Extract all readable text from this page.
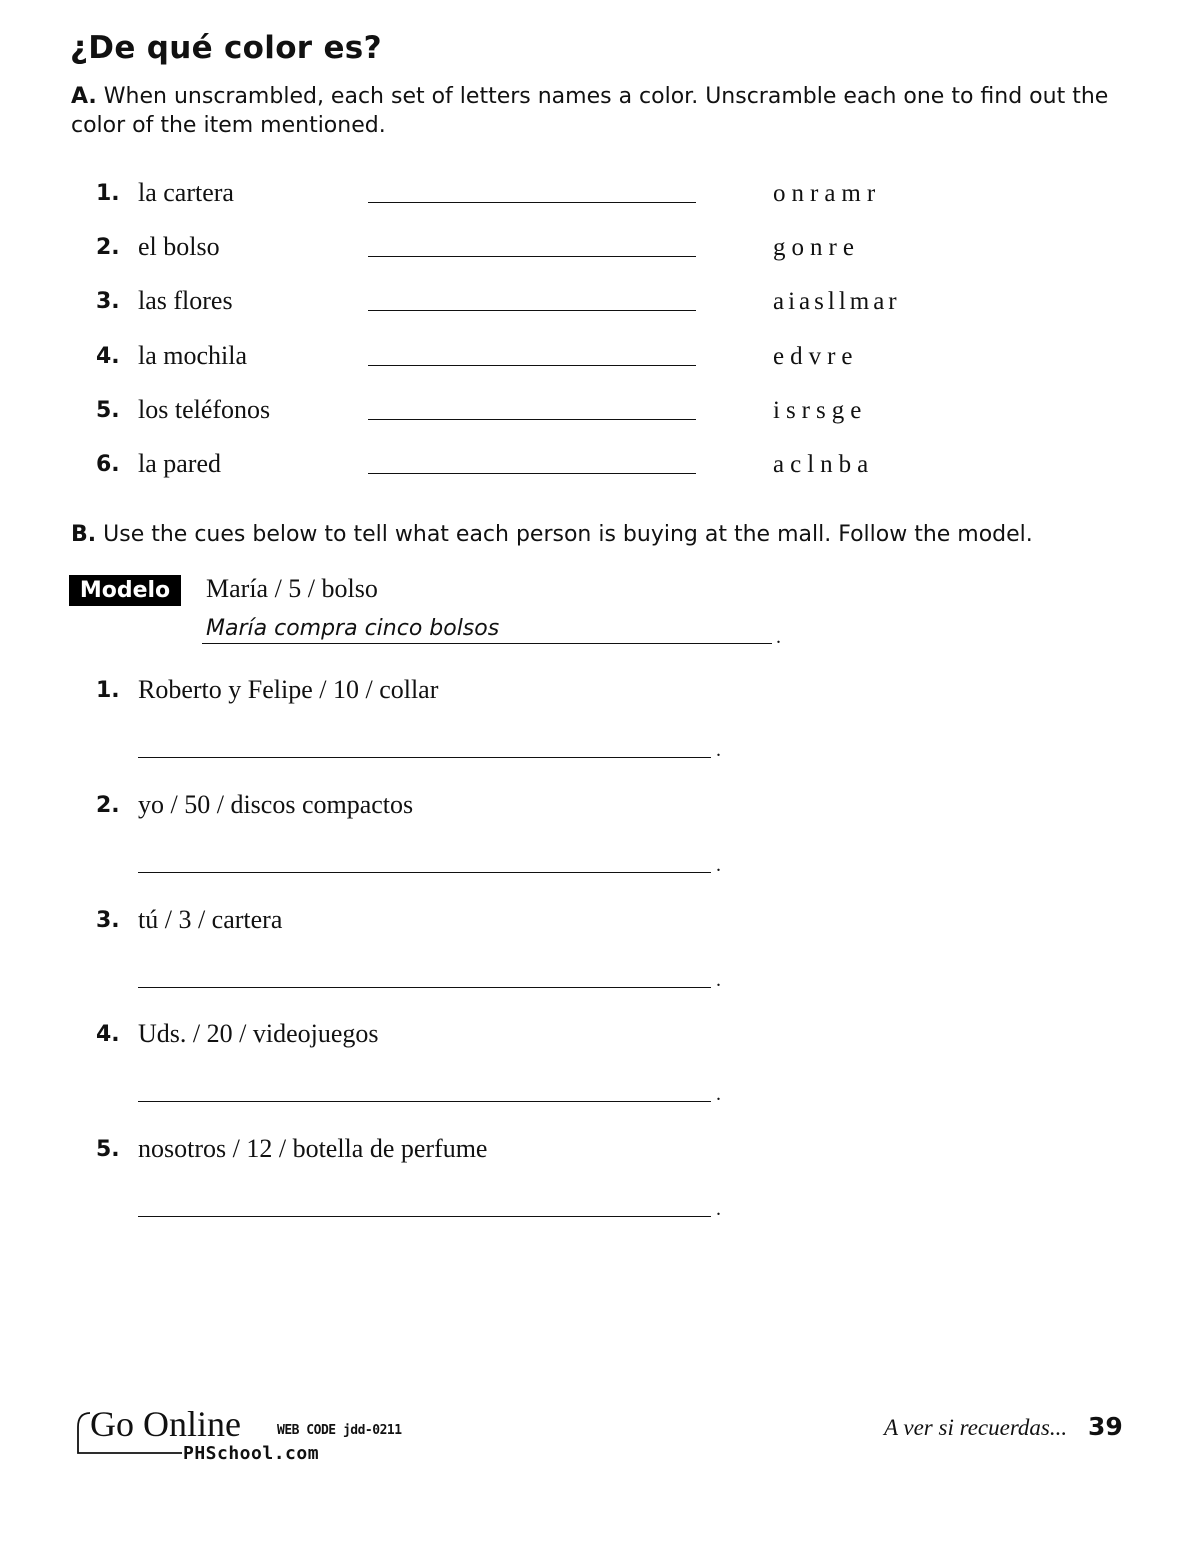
¿De qué color es?
A. When unscrambled, each set of letters names a color. Unscramble each one to find out the color of the item mentioned.
1. la cartera	onramr
2. el bolso	gonre
3. las flores	aiasllmar
4. la mochila	edvre
5. los teléfonos	isrsge
6. la pared	aclnba
B. Use the cues below to tell what each person is buying at the mall. Follow the model.
Modelo	María / 5 / bolso
María compra cinco bolsos	.
1. Roberto y Felipe / 10 / collar
.
2. yo / 50 / discos compactos
.
3. tú / 3 / cartera
.
4. Uds. / 20 / videojuegos
.
5. nosotros / 12 / botella de perfume
.
Go Online	WEB CODE jdd-0211
PHSchool.com
A ver si recuerdas... 39
